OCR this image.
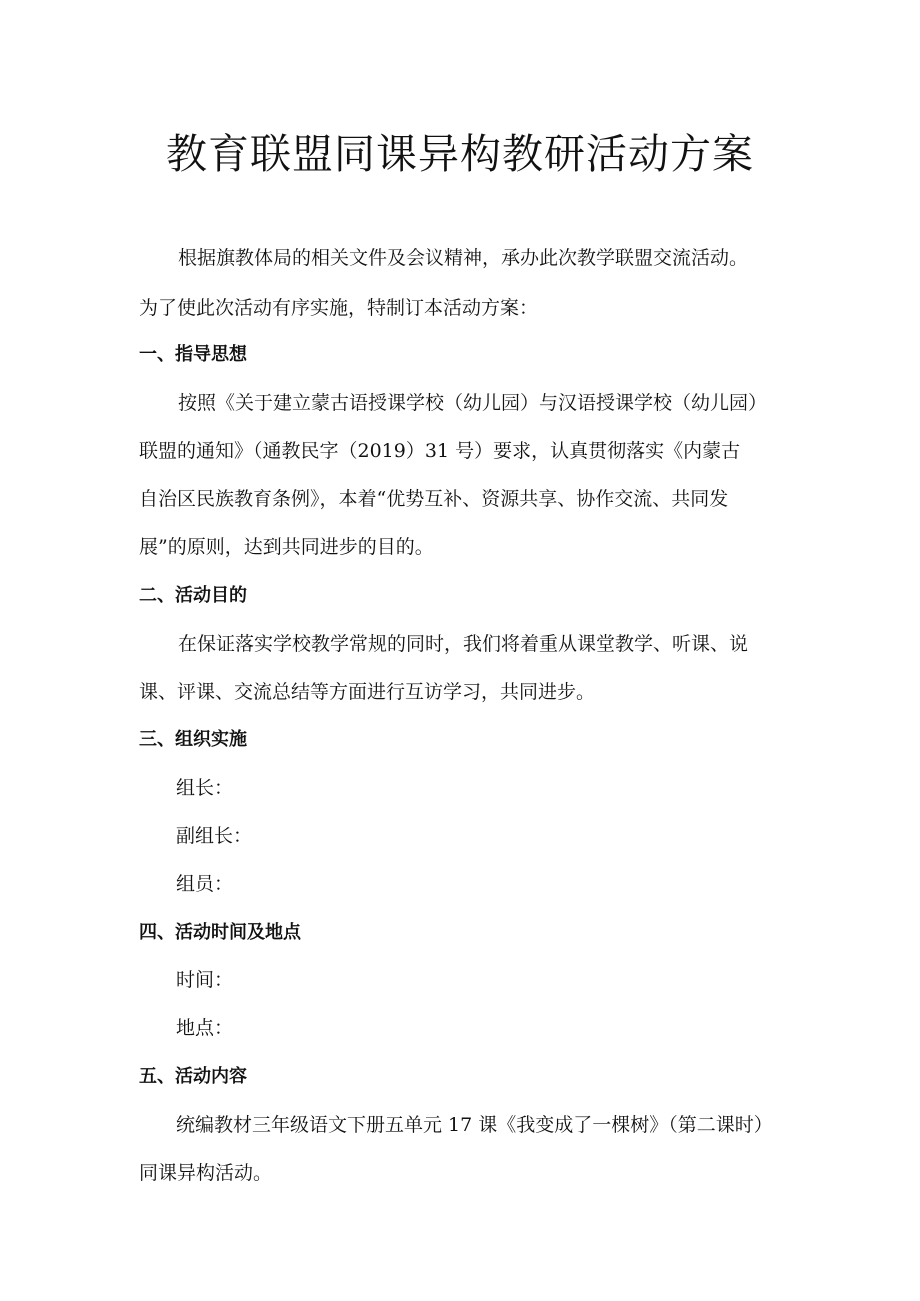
教育联盟同课异构教研活动方案

根据旗教体局的相关文件及会议精神，承办此次教学联盟交流活动。

为了使此次活动有序实施，特制订本活动方案：

一、指导思想

按照《关于建立蒙古语授课学校（幼儿园）与汉语授课学校（幼儿园）

联盟的通知》（通教民字（2019）31 号）要求，认真贯彻落实《内蒙古

自治区民族教育条例》，本着“优势互补、资源共享、协作交流、共同发

展”的原则，达到共同进步的目的。

二、活动目的

在保证落实学校教学常规的同时，我们将着重从课堂教学、听课、说

课、评课、交流总结等方面进行互访学习，共同进步。

三、组织实施

组长：

副组长：

组员：

四、活动时间及地点

时间：

地点：

五、活动内容

统编教材三年级语文下册五单元 17 课《我变成了一棵树》（第二课时）

同课异构活动。
